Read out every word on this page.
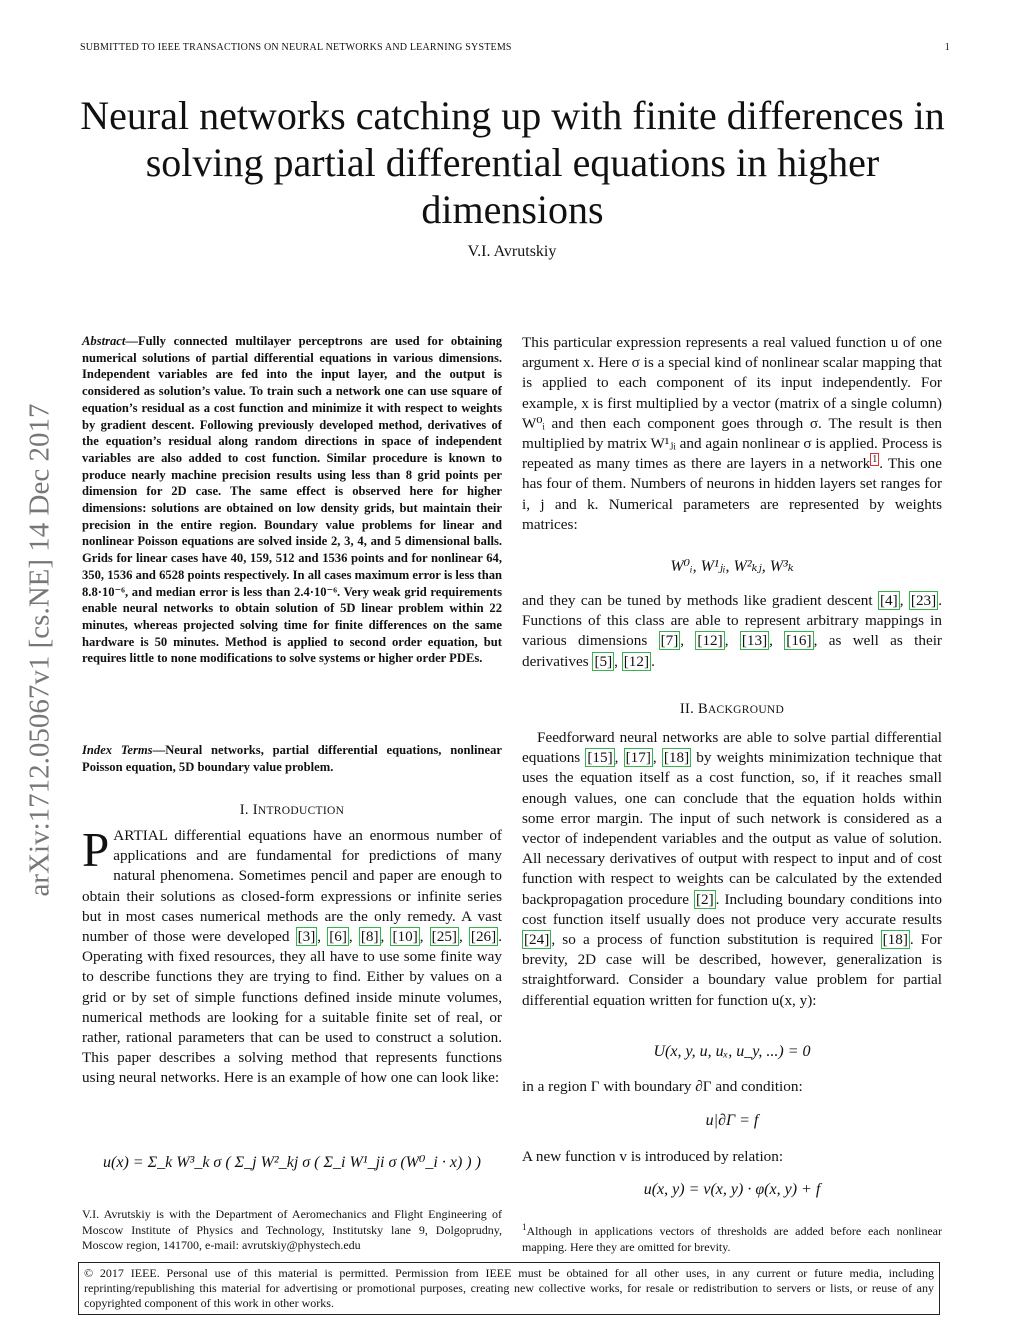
SUBMITTED TO IEEE TRANSACTIONS ON NEURAL NETWORKS AND LEARNING SYSTEMS	1
Neural networks catching up with finite differences in solving partial differential equations in higher dimensions
V.I. Avrutskiy
arXiv:1712.05067v1 [cs.NE] 14 Dec 2017
Abstract—Fully connected multilayer perceptrons are used for obtaining numerical solutions of partial differential equations in various dimensions. Independent variables are fed into the input layer, and the output is considered as solution’s value. To train such a network one can use square of equation’s residual as a cost function and minimize it with respect to weights by gradient descent. Following previously developed method, derivatives of the equation’s residual along random directions in space of independent variables are also added to cost function. Similar procedure is known to produce nearly machine precision results using less than 8 grid points per dimension for 2D case. The same effect is observed here for higher dimensions: solutions are obtained on low density grids, but maintain their precision in the entire region. Boundary value problems for linear and nonlinear Poisson equations are solved inside 2, 3, 4, and 5 dimensional balls. Grids for linear cases have 40, 159, 512 and 1536 points and for nonlinear 64, 350, 1536 and 6528 points respectively. In all cases maximum error is less than 8.8·10⁻⁶, and median error is less than 2.4·10⁻⁶. Very weak grid requirements enable neural networks to obtain solution of 5D linear problem within 22 minutes, whereas projected solving time for finite differences on the same hardware is 50 minutes. Method is applied to second order equation, but requires little to none modifications to solve systems or higher order PDEs.
Index Terms—Neural networks, partial differential equations, nonlinear Poisson equation, 5D boundary value problem.
I. INTRODUCTION

PARTIAL differential equations have an enormous number of applications and are fundamental for predictions of many natural phenomena. Sometimes pencil and paper are enough to obtain their solutions as closed-form expressions or infinite series but in most cases numerical methods are the only remedy. A vast number of those were developed [3] , [6] , [8] , [10] , [25] , [26] . Operating with fixed resources, they all have to use some finite way to describe functions they are trying to find. Either by values on a grid or by set of simple functions defined inside minute volumes, numerical methods are looking for a suitable finite set of real, or rather, rational parameters that can be used to construct a solution. This paper describes a solving method that represents functions using neural networks. Here is an example of how one can look like:

u(x) = Σ_k W³_k σ ( Σ_j W²_kj σ ( Σ_i W¹_ji σ (W⁰_i · x) ) )
V.I. Avrutskiy is with the Department of Aeromechanics and Flight Engineering of Moscow Institute of Physics and Technology, Institutsky lane 9, Dolgoprudny, Moscow region, 141700, e-mail: avrutskiy@phystech.edu

This particular expression represents a real valued function u of one argument x. Here σ is a special kind of nonlinear scalar mapping that is applied to each component of its input independently. For example, x is first multiplied by a vector (matrix of a single column) W⁰ᵢ and then each component goes through σ. The result is then multiplied by matrix W¹ⱼᵢ and again nonlinear σ is applied. Process is repeated as many times as there are layers in a network $^1$ . This one has four of them. Numbers of neurons in hidden layers set ranges for i, j and k. Numerical parameters are represented by weights matrices:

W⁰ᵢ, W¹ⱼᵢ, W²ₖⱼ, W³ₖ

and they can be tuned by methods like gradient descent [4] , [23] . Functions of this class are able to represent arbitrary mappings in various dimensions [7] , [12] , [13] , [16] , as well as their derivatives [5] , [12] .

II. BACKGROUND

Feedforward neural networks are able to solve partial differential equations [15] , [17] , [18] by weights minimization technique that uses the equation itself as a cost function, so, if it reaches small enough values, one can conclude that the equation holds within some error margin. The input of such network is considered as a vector of independent variables and the output as value of solution. All necessary derivatives of output with respect to input and of cost function with respect to weights can be calculated by the extended backpropagation procedure [2] . Including boundary conditions into cost function itself usually does not produce very accurate results [24] , so a process of function substitution is required [18] . For brevity, 2D case will be described, however, generalization is straightforward. Consider a boundary value problem for partial differential equation written for function u(x, y):

U(x, y, u, uₓ, u_y, ...) = 0
in a region Γ with boundary ∂Γ and condition:
u|∂Γ = f
A new function v is introduced by relation:
u(x, y) = v(x, y) · φ(x, y) + f
$^1$Although in applications vectors of thresholds are added before each nonlinear mapping. Here they are omitted for brevity.
© 2017 IEEE. Personal use of this material is permitted. Permission from IEEE must be obtained for all other uses, in any current or future media, including reprinting/republishing this material for advertising or promotional purposes, creating new collective works, for resale or redistribution to servers or lists, or reuse of any copyrighted component of this work in other works.
